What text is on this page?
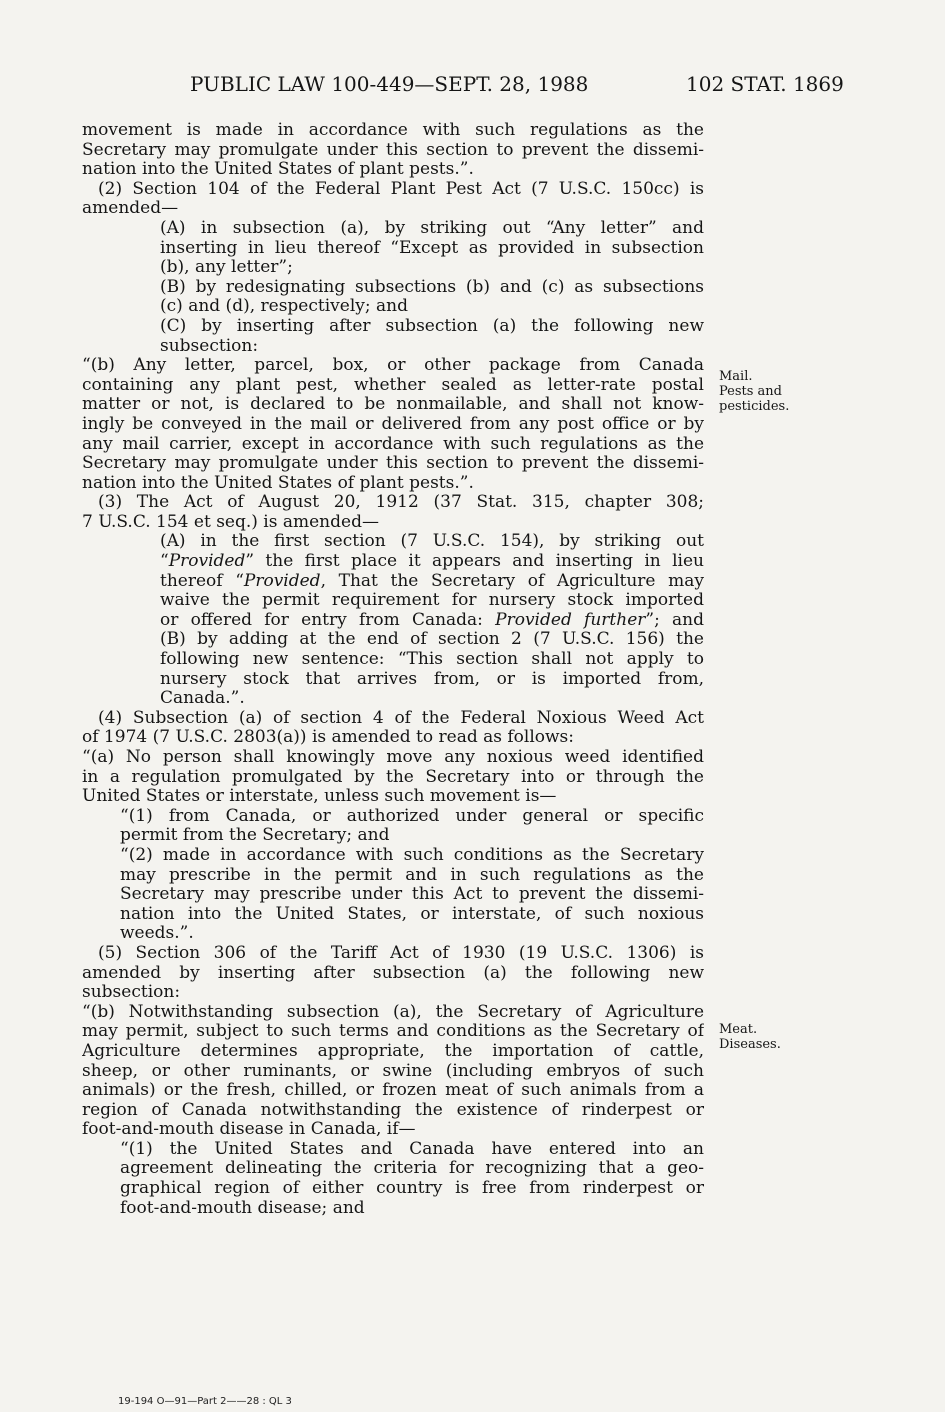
PUBLIC LAW 100-449—SEPT. 28, 1988	102 STAT. 1869
movement is made in accordance with such regulations as the
Secretary may promulgate under this section to prevent the dissemi-
nation into the United States of plant pests.”.
(2) Section 104 of the Federal Plant Pest Act (7 U.S.C. 150cc) is
amended—
(A) in subsection (a), by striking out “Any letter” and
inserting in lieu thereof “Except as provided in subsection
(b), any letter”;
(B) by redesignating subsections (b) and (c) as subsections
(c) and (d), respectively; and
(C) by inserting after subsection (a) the following new
subsection:
“(b) Any letter, parcel, box, or other package from Canada
containing any plant pest, whether sealed as letter-rate postal
matter or not, is declared to be nonmailable, and shall not know-
ingly be conveyed in the mail or delivered from any post office or by
any mail carrier, except in accordance with such regulations as the
Secretary may promulgate under this section to prevent the dissemi-
nation into the United States of plant pests.”.
(3) The Act of August 20, 1912 (37 Stat. 315, chapter 308;
7 U.S.C. 154 et seq.) is amended—
(A) in the first section (7 U.S.C. 154), by striking out
“Provided” the first place it appears and inserting in lieu
thereof “Provided, That the Secretary of Agriculture may
waive the permit requirement for nursery stock imported
or offered for entry from Canada: Provided further”; and
(B) by adding at the end of section 2 (7 U.S.C. 156) the
following new sentence: “This section shall not apply to
nursery stock that arrives from, or is imported from,
Canada.”.
(4) Subsection (a) of section 4 of the Federal Noxious Weed Act
of 1974 (7 U.S.C. 2803(a)) is amended to read as follows:
“(a) No person shall knowingly move any noxious weed identified
in a regulation promulgated by the Secretary into or through the
United States or interstate, unless such movement is—
“(1) from Canada, or authorized under general or specific
permit from the Secretary; and
“(2) made in accordance with such conditions as the Secretary
may prescribe in the permit and in such regulations as the
Secretary may prescribe under this Act to prevent the dissemi-
nation into the United States, or interstate, of such noxious
weeds.”.
(5) Section 306 of the Tariff Act of 1930 (19 U.S.C. 1306) is
amended by inserting after subsection (a) the following new
subsection:
“(b) Notwithstanding subsection (a), the Secretary of Agriculture
may permit, subject to such terms and conditions as the Secretary of
Agriculture determines appropriate, the importation of cattle,
sheep, or other ruminants, or swine (including embryos of such
animals) or the fresh, chilled, or frozen meat of such animals from a
region of Canada notwithstanding the existence of rinderpest or
foot-and-mouth disease in Canada, if—
“(1) the United States and Canada have entered into an
agreement delineating the criteria for recognizing that a geo-
graphical region of either country is free from rinderpest or
foot-and-mouth disease; and
Mail.
Pests and
pesticides.
Meat.
Diseases.
19-194 O—91—Part 2——28 : QL 3
